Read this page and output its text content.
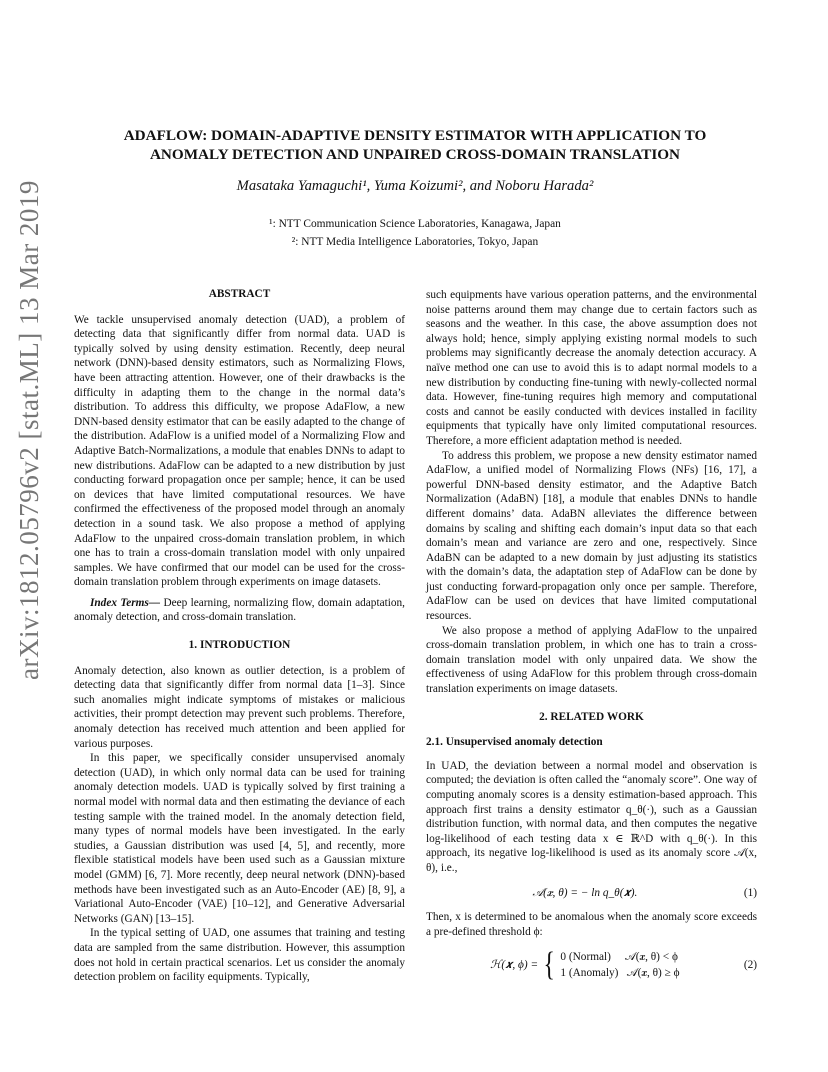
arXiv:1812.05796v2 [stat.ML] 13 Mar 2019
ADAFLOW: DOMAIN-ADAPTIVE DENSITY ESTIMATOR WITH APPLICATION TO
ANOMALY DETECTION AND UNPAIRED CROSS-DOMAIN TRANSLATION
Masataka Yamaguchi¹, Yuma Koizumi², and Noboru Harada²
¹: NTT Communication Science Laboratories, Kanagawa, Japan
²: NTT Media Intelligence Laboratories, Tokyo, Japan
ABSTRACT

We tackle unsupervised anomaly detection (UAD), a problem of detecting data that significantly differ from normal data. UAD is typically solved by using density estimation. Recently, deep neural network (DNN)-based density estimators, such as Normalizing Flows, have been attracting attention. However, one of their drawbacks is the difficulty in adapting them to the change in the normal data’s distribution. To address this difficulty, we propose AdaFlow, a new DNN-based density estimator that can be easily adapted to the change of the distribution. AdaFlow is a unified model of a Normalizing Flow and Adaptive Batch-Normalizations, a module that enables DNNs to adapt to new distributions. AdaFlow can be adapted to a new distribution by just conducting forward propagation once per sample; hence, it can be used on devices that have limited computational resources. We have confirmed the effectiveness of the proposed model through an anomaly detection in a sound task. We also propose a method of applying AdaFlow to the unpaired cross-domain translation problem, in which one has to train a cross-domain translation model with only unpaired samples. We have confirmed that our model can be used for the cross-domain translation problem through experiments on image datasets.

Index Terms— Deep learning, normalizing flow, domain adaptation, anomaly detection, and cross-domain translation.

1. INTRODUCTION

Anomaly detection, also known as outlier detection, is a problem of detecting data that significantly differ from normal data [1–3]. Since such anomalies might indicate symptoms of mistakes or malicious activities, their prompt detection may prevent such problems. Therefore, anomaly detection has received much attention and been applied for various purposes.

In this paper, we specifically consider unsupervised anomaly detection (UAD), in which only normal data can be used for training anomaly detection models. UAD is typically solved by first training a normal model with normal data and then estimating the deviance of each testing sample with the trained model. In the anomaly detection field, many types of normal models have been investigated. In the early studies, a Gaussian distribution was used [4, 5], and recently, more flexible statistical models have been used such as a Gaussian mixture model (GMM) [6, 7]. More recently, deep neural network (DNN)-based methods have been investigated such as an Auto-Encoder (AE) [8, 9], a Variational Auto-Encoder (VAE) [10–12], and Generative Adversarial Networks (GAN) [13–15].

In the typical setting of UAD, one assumes that training and testing data are sampled from the same distribution. However, this assumption does not hold in certain practical scenarios. Let us consider the anomaly detection problem on facility equipments. Typically,

such equipments have various operation patterns, and the environmental noise patterns around them may change due to certain factors such as seasons and the weather. In this case, the above assumption does not always hold; hence, simply applying existing normal models to such problems may significantly decrease the anomaly detection accuracy. A naïve method one can use to avoid this is to adapt normal models to a new distribution by conducting fine-tuning with newly-collected normal data. However, fine-tuning requires high memory and computational costs and cannot be easily conducted with devices installed in facility equipments that typically have only limited computational resources. Therefore, a more efficient adaptation method is needed.

To address this problem, we propose a new density estimator named AdaFlow, a unified model of Normalizing Flows (NFs) [16, 17], a powerful DNN-based density estimator, and the Adaptive Batch Normalization (AdaBN) [18], a module that enables DNNs to handle different domains’ data. AdaBN alleviates the difference between domains by scaling and shifting each domain’s input data so that each domain’s mean and variance are zero and one, respectively. Since AdaBN can be adapted to a new domain by just adjusting its statistics with the domain’s data, the adaptation step of AdaFlow can be done by just conducting forward-propagation only once per sample. Therefore, AdaFlow can be used on devices that have limited computational resources.

We also propose a method of applying AdaFlow to the unpaired cross-domain translation problem, in which one has to train a cross-domain translation model with only unpaired data. We show the effectiveness of using AdaFlow for this problem through cross-domain translation experiments on image datasets.

2. RELATED WORK
2.1. Unsupervised anomaly detection

In UAD, the deviation between a normal model and observation is computed; the deviation is often called the “anomaly score”. One way of computing anomaly scores is a density estimation-based approach. This approach first trains a density estimator q_θ(·), such as a Gaussian distribution function, with normal data, and then computes the negative log-likelihood of each testing data x ∈ ℝ^D with q_θ(·). In this approach, its negative log-likelihood is used as its anomaly score 𝒜(x, θ), i.e.,

𝒜(𝒙, θ) = − ln q_θ(𝒙).	(1)

Then, x is determined to be anomalous when the anomaly score exceeds a pre-defined threshold ϕ:

ℋ(𝒙, ϕ) = { 0 (Normal)     𝒜(𝒙, θ) < ϕ
1 (Anomaly)   𝒜(𝒙, θ) ≥ ϕ
(2)
